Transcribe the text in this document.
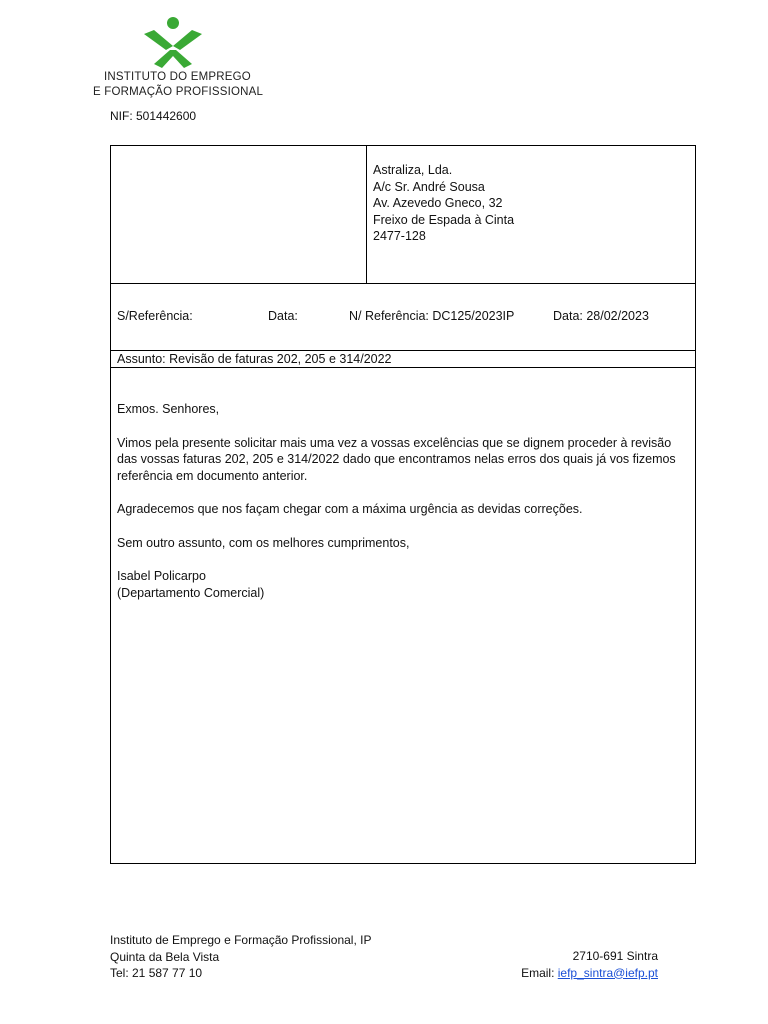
INSTITUTO DO EMPREGO
E FORMAÇÃO PROFISSIONAL
NIF: 501442600
Astraliza, Lda.
A/c Sr. André Sousa
Av. Azevedo Gneco, 32
Freixo de Espada à Cinta
2477-128
S/Referência:	Data:	N/ Referência: DC125/2023IP	Data: 28/02/2023
Assunto: Revisão de faturas 202, 205 e 314/2022

Exmos. Senhores,

Vimos pela presente solicitar mais uma vez a vossas excelências que se dignem proceder à revisão das vossas faturas 202, 205 e 314/2022 dado que encontramos nelas erros dos quais já vos fizemos referência em documento anterior.

Agradecemos que nos façam chegar com a máxima urgência as devidas correções.

Sem outro assunto, com os melhores cumprimentos,

Isabel Policarpo
(Departamento Comercial)
Instituto de Emprego e Formação Profissional, IP
Quinta da Bela Vista
Tel: 21 587 77 10
2710-691 Sintra
Email: iefp_sintra@iefp.pt
